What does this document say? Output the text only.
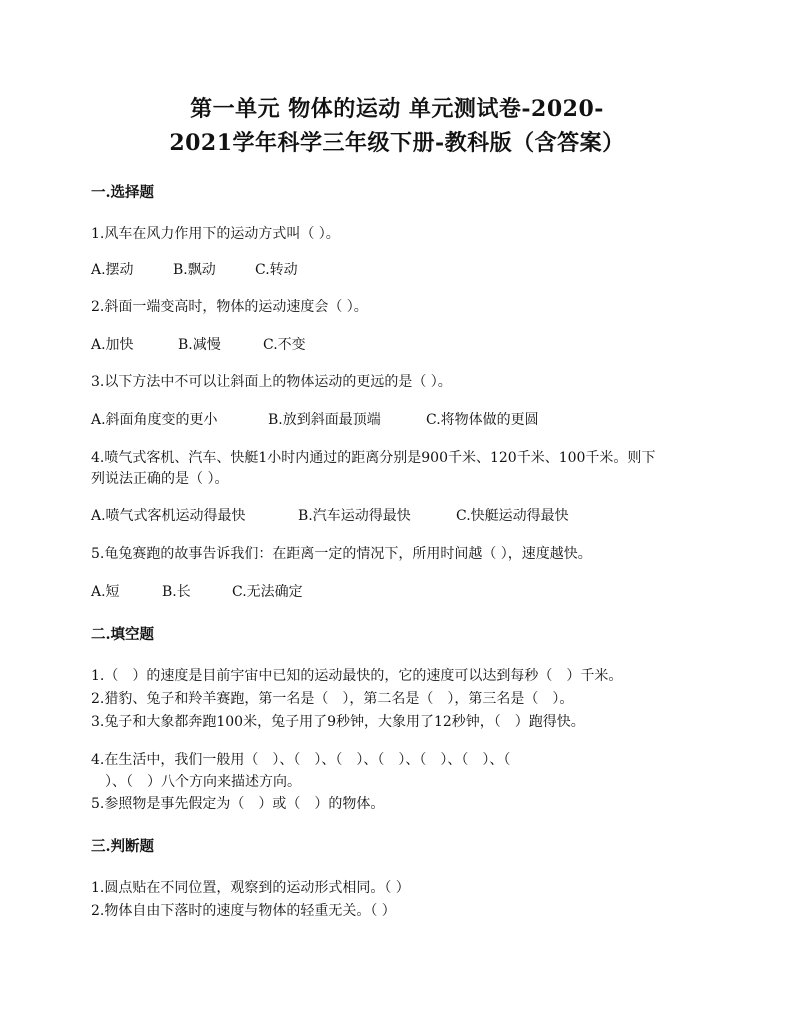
第一单元 物体的运动 单元测试卷-2020-
2021学年科学三年级下册-教科版（含答案）
一.选择题
1.风车在风力作用下的运动方式叫（ ）。
A.摆动	B.飘动	C.转动
2.斜面一端变高时，物体的运动速度会（ ）。
A.加快	B.减慢	C.不变
3.以下方法中不可以让斜面上的物体运动的更远的是（ ）。
A.斜面角度变的更小	B.放到斜面最顶端	C.将物体做的更圆
4.喷气式客机、汽车、快艇1小时内通过的距离分别是900千米、120千米、100千米。则下
列说法正确的是（ ）。
A.喷气式客机运动得最快	B.汽车运动得最快	C.快艇运动得最快
5.龟兔赛跑的故事告诉我们：在距离一定的情况下，所用时间越（ ），速度越快。
A.短	B.长	C.无法确定
二.填空题
1.（　）的速度是目前宇宙中已知的运动最快的，它的速度可以达到每秒（　）千米。
2.猎豹、兔子和羚羊赛跑，第一名是（　），第二名是（　），第三名是（　）。
3.兔子和大象都奔跑100米，兔子用了9秒钟，大象用了12秒钟，（　）跑得快。
4.在生活中，我们一般用（　）、（　）、（　）、（　）、（　）、（　）、（
　）、（　）八个方向来描述方向。
5.参照物是事先假定为（　）或（　）的物体。
三.判断题
1.圆点贴在不同位置，观察到的运动形式相同。（ ）
2.物体自由下落时的速度与物体的轻重无关。（ ）
